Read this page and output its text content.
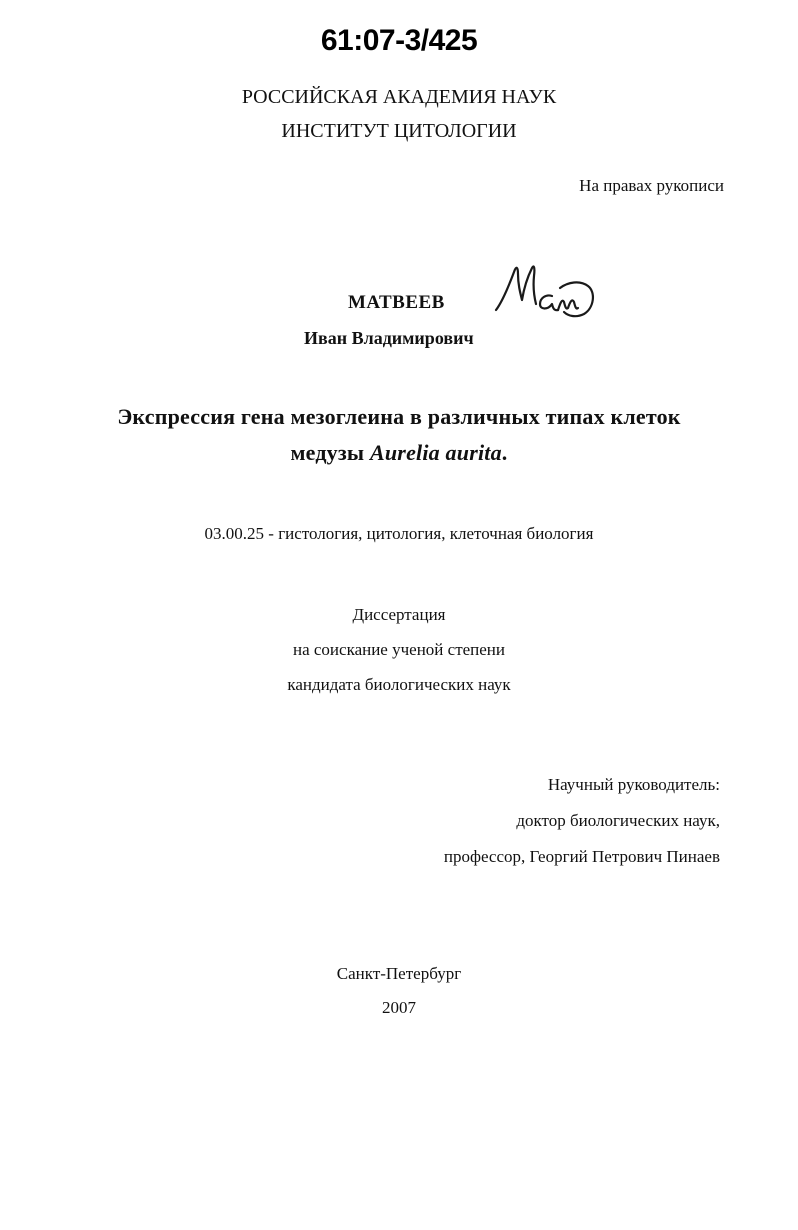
61:07-3/425
РОССИЙСКАЯ АКАДЕМИЯ НАУК
ИНСТИТУТ ЦИТОЛОГИИ
На правах рукописи
МАТВЕЕВ
Иван Владимирович
Экспрессия гена мезоглеина в различных типах клеток
медузы Aurelia aurita.
03.00.25 - гистология, цитология, клеточная биология
Диссертация
на соискание ученой степени
кандидата биологических наук
Научный руководитель:
доктор биологических наук,
профессор, Георгий Петрович Пинаев
Санкт-Петербург
2007
